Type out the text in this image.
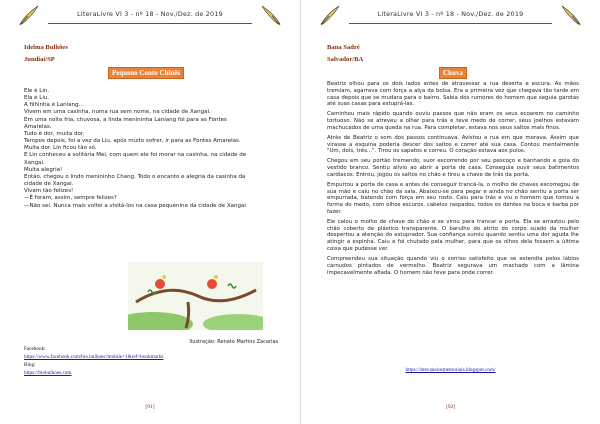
LiteraLivre VI 3 - nº 18 - Nov./Dez. de 2019
Idelma Bulhões
Jundiaí/SP
Pequeno Conto Chinês
Ele é Lin.
Ela é Liu.
A filhinha é Laniang...
Vivem em uma casinha, numa rua sem nome, na cidade de Xangai.
Em uma noite fria, chuvosa, a linda menininha Laniang foi para as Fontes
Amarelas.
Tudo é dor, muita dor.
Tempos depois, foi a vez da Liu, após muito sofrer, ir para as Fontes Amarelas.
Muita dor. Lin ficou tão só.
E Lin conheceu a solitária Mei, com quem ele foi morar na casinha, na cidade de
Xangai.
Muita alegria!
Então, chegou o lindo menininho Chang. Todo o encanto e alegria da casinha da
cidade de Xangai.
Vivam tão felizes!
—É foram, assim, sempre felizes?
—Não sei. Nunca mais voltei a visitá-los na casa pequenina da cidade de Xangai
Ilustração: Renato Martins Zacarias
Facebook:
https://www.facebook.com/bio.bulhoes?mobile=1&ref=bookmarks
Blog:
https://biobulhoes.com
[91]
LiteraLivre VI 3 - nº 18 - Nov./Dez. de 2019
Bana Sadré
Salvador/BA
Chuva

Beatriz olhou para os dois lados antes de atravessar a rua deserta e escura. As mãos tremiam, agarrava com força a alça da bolsa. Era a primeira vez que chegava tão tarde em casa depois que se mudara para o bairro. Sabia dos rumores do homem que seguia garotas até suas casas para estuprá-las.

Caminhou mais rápido quando ouviu passos que não eram os seus ecoarem no caminho tortuoso. Não se atreveu a olhar para trás e teve medo de correr, seus joelhos estavam machucados de uma queda na rua. Para completar, estava nos seus saltos mais finos.

Atrás de Beatriz o som dos passos continuava. Avistou a rua em que morava. Assim que virasse a esquina poderia descer dos saltos e correr até sua casa. Contou mentalmente "Um, dois, três...". Tirou os sapatos e correu. O coração estava aos pulos.

Chegou em seu portão tremendo, suor escorrendo por seu pescoço e banhando a gola do vestido branco. Sentiu alívio ao abrir a porta de casa. Conseguia ouvir seus batimentos cardíacos. Entrou, jogou os saltos no chão e tirou a chave de trás da porta.

Empurrou a porta de casa e antes de conseguir trancá-la, o molho de chaves escorregou de sua mão e caiu no chão da sala. Abaixou-se para pegar e ainda no chão sentiu a porta ser empurrada, batendo com força em seu rosto. Caiu para trás e viu o homem que tomou a forma do medo, com olhos escuros, cabelos raspados, todos os dentes na boca e barba por fazer.

Ele calou o molho de chave do chão e se virou para trancar a porta. Ela se arrastou pelo chão coberto de plástico transparente. O barulho do atrito do corpo suado da mulher despertou a atenção do estuprador. Sua confiança sumiu quando sentiu uma dor aguda lhe atingir a espinha. Caiu e foi chutado pela mulher, para que os olhos dela fossem a última coisa que pudesse ver.

Compreendeu sua situação quando viu o sorriso satisfeito que se estendia pelos lábios carnudos pintados de vermelho. Beatriz segurava um machado com a lâmina impecavelmente afiada. O homem não teve para onde correr.

https://desvaneiosmemoriais.blogspot.com/
[92]
